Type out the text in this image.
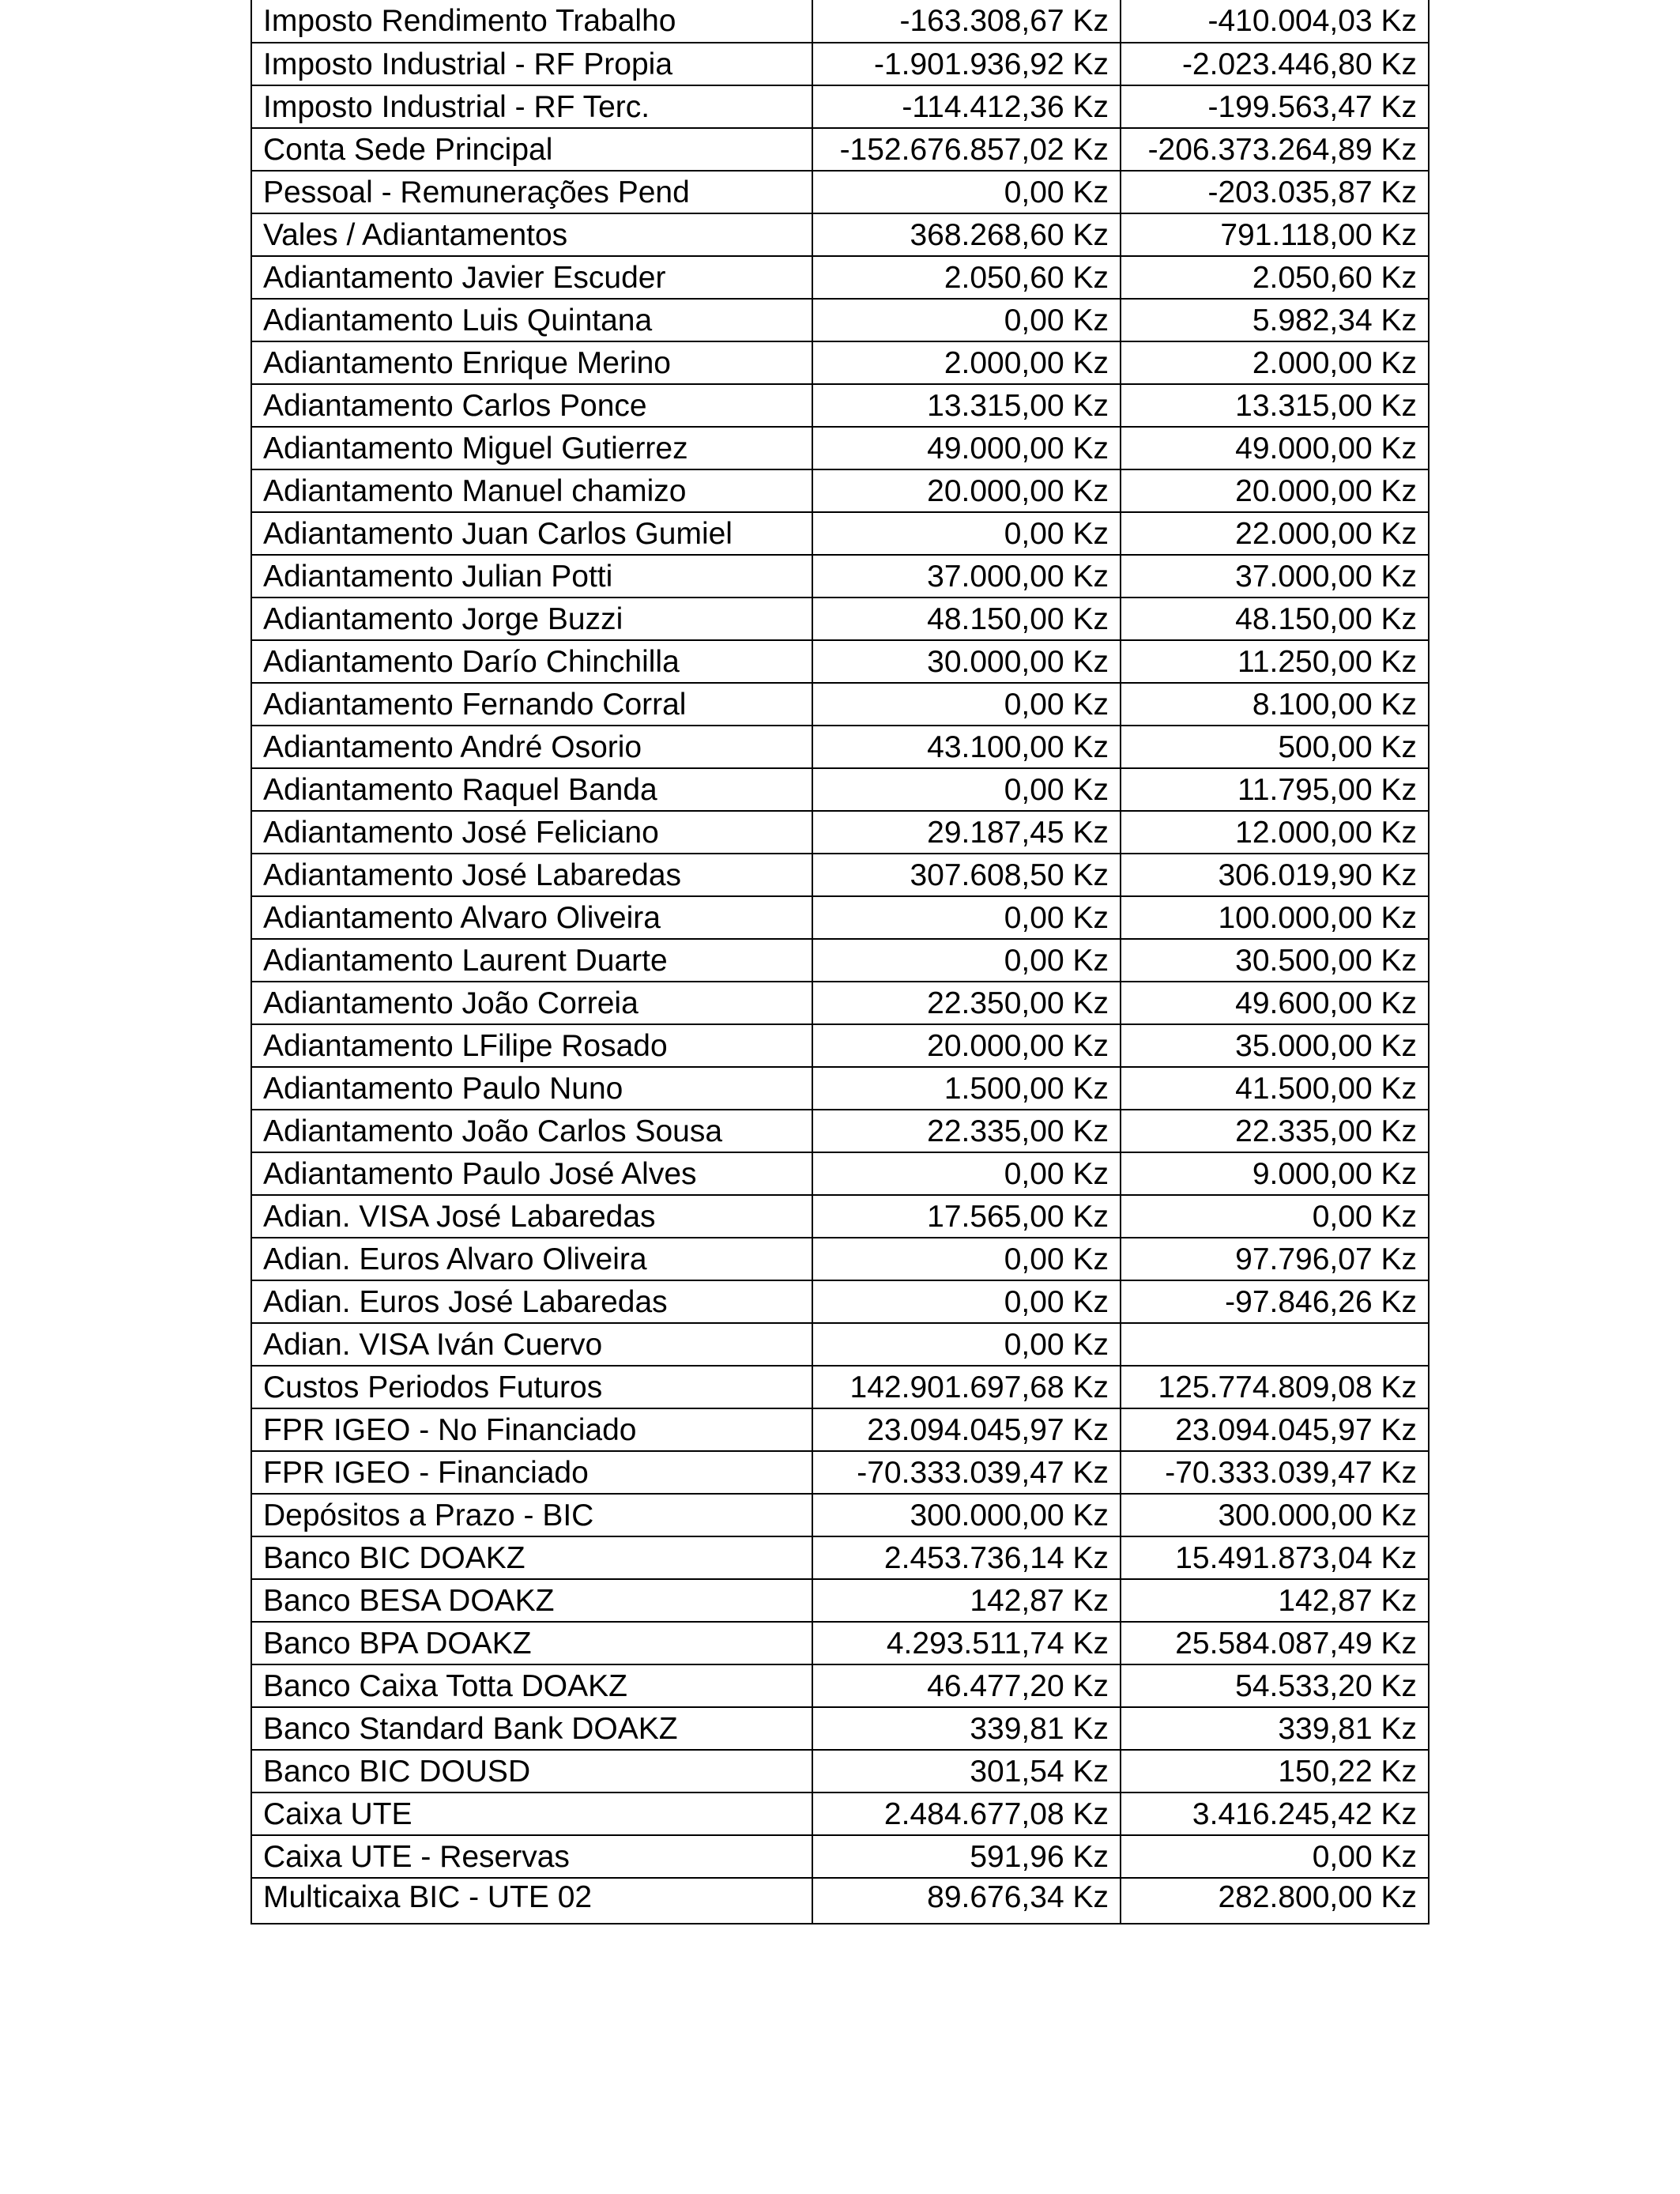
Imposto Rendimento Trabalho	-163.308,67 Kz	-410.004,03 Kz
Imposto Industrial - RF Propia	-1.901.936,92 Kz	-2.023.446,80 Kz
Imposto Industrial - RF Terc.	-114.412,36 Kz	-199.563,47 Kz
Conta Sede Principal	-152.676.857,02 Kz	-206.373.264,89 Kz
Pessoal - Remunerações Pend	0,00 Kz	-203.035,87 Kz
Vales / Adiantamentos	368.268,60 Kz	791.118,00 Kz
Adiantamento Javier Escuder	2.050,60 Kz	2.050,60 Kz
Adiantamento Luis Quintana	0,00 Kz	5.982,34 Kz
Adiantamento Enrique Merino	2.000,00 Kz	2.000,00 Kz
Adiantamento Carlos Ponce	13.315,00 Kz	13.315,00 Kz
Adiantamento Miguel Gutierrez	49.000,00 Kz	49.000,00 Kz
Adiantamento Manuel chamizo	20.000,00 Kz	20.000,00 Kz
Adiantamento Juan Carlos Gumiel	0,00 Kz	22.000,00 Kz
Adiantamento Julian Potti	37.000,00 Kz	37.000,00 Kz
Adiantamento Jorge Buzzi	48.150,00 Kz	48.150,00 Kz
Adiantamento Darío Chinchilla	30.000,00 Kz	11.250,00 Kz
Adiantamento Fernando Corral	0,00 Kz	8.100,00 Kz
Adiantamento André Osorio	43.100,00 Kz	500,00 Kz
Adiantamento Raquel Banda	0,00 Kz	11.795,00 Kz
Adiantamento José Feliciano	29.187,45 Kz	12.000,00 Kz
Adiantamento José Labaredas	307.608,50 Kz	306.019,90 Kz
Adiantamento Alvaro Oliveira	0,00 Kz	100.000,00 Kz
Adiantamento Laurent Duarte	0,00 Kz	30.500,00 Kz
Adiantamento João Correia	22.350,00 Kz	49.600,00 Kz
Adiantamento LFilipe Rosado	20.000,00 Kz	35.000,00 Kz
Adiantamento Paulo Nuno	1.500,00 Kz	41.500,00 Kz
Adiantamento João Carlos Sousa	22.335,00 Kz	22.335,00 Kz
Adiantamento Paulo José Alves	0,00 Kz	9.000,00 Kz
Adian. VISA José Labaredas	17.565,00 Kz	0,00 Kz
Adian. Euros Alvaro Oliveira	0,00 Kz	97.796,07 Kz
Adian. Euros José Labaredas	0,00 Kz	-97.846,26 Kz
Adian. VISA Iván Cuervo	0,00 Kz	
Custos Periodos Futuros	142.901.697,68 Kz	125.774.809,08 Kz
FPR IGEO - No Financiado	23.094.045,97 Kz	23.094.045,97 Kz
FPR IGEO - Financiado	-70.333.039,47 Kz	-70.333.039,47 Kz
Depósitos a Prazo - BIC	300.000,00 Kz	300.000,00 Kz
Banco BIC DOAKZ	2.453.736,14 Kz	15.491.873,04 Kz
Banco BESA DOAKZ	142,87 Kz	142,87 Kz
Banco BPA DOAKZ	4.293.511,74 Kz	25.584.087,49 Kz
Banco Caixa Totta DOAKZ	46.477,20 Kz	54.533,20 Kz
Banco Standard Bank DOAKZ	339,81 Kz	339,81 Kz
Banco BIC DOUSD	301,54 Kz	150,22 Kz
Caixa UTE	2.484.677,08 Kz	3.416.245,42 Kz
Caixa UTE - Reservas	591,96 Kz	0,00 Kz
Multicaixa BIC - UTE 02	89.676,34 Kz	282.800,00 Kz
